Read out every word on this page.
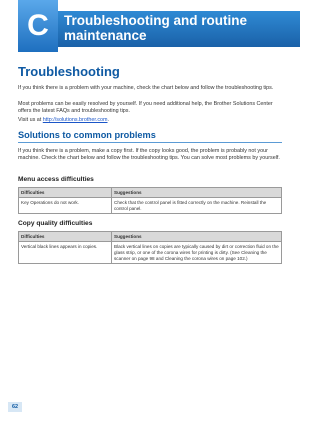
C	Troubleshooting and routine maintenance
Troubleshooting

If you think there is a problem with your machine, check the chart below and follow the troubleshooting tips.

Most problems can be easily resolved by yourself. If you need additional help, the Brother Solutions Center offers the latest FAQs and troubleshooting tips.

Visit us at http://solutions.brother.com.

Solutions to common problems

If you think there is a problem, make a copy first. If the copy looks good, the problem is probably not your machine. Check the chart below and follow the troubleshooting tips. You can solve most problems by yourself.

Menu access difficulties
Difficulties	Suggestions
Key Operations do not work.	Check that the control panel is fitted correctly on the machine. Reinstall the control panel.
Copy quality difficulties
Difficulties	Suggestions
Vertical black lines appears in copies.	Black vertical lines on copies are typically caused by dirt or correction fluid on the glass strip, or one of the corona wires for printing is dirty. (See Cleaning the scanner on page 98 and Cleaning the corona wires on page 102.)
62
